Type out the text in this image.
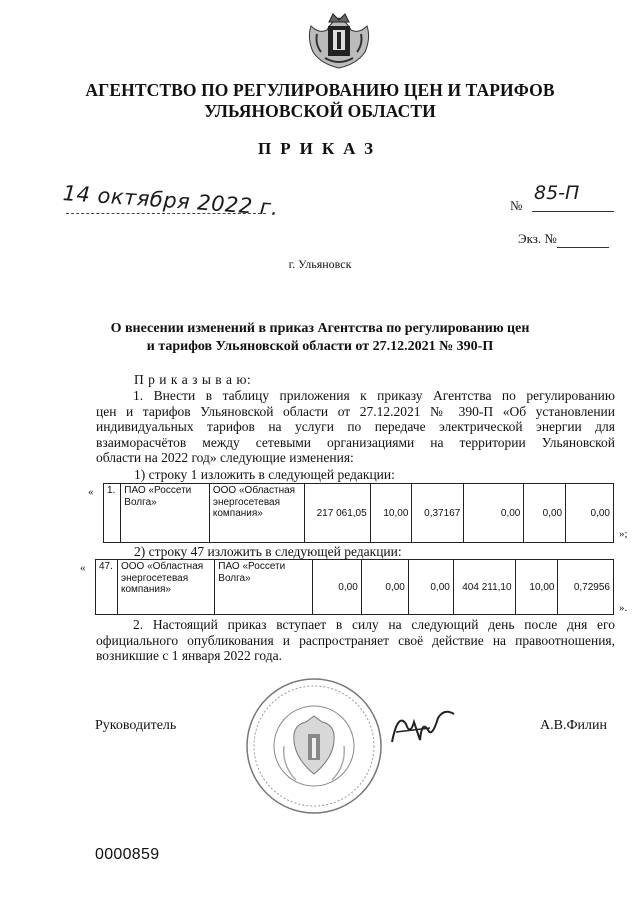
АГЕНТСТВО ПО РЕГУЛИРОВАНИЮ ЦЕН И ТАРИФОВ
УЛЬЯНОВСКОЙ ОБЛАСТИ
ПРИКАЗ
14 октября 2022 г.	№
85-П
Экз. №
г. Ульяновск
О внесении изменений в приказ Агентства по регулированию цен
и тарифов Ульяновской области от 27.12.2021 № 390-П
П р и к а з ы в а ю:
1. Внести в таблицу приложения к приказу Агентства по регулированию
цен и тарифов Ульяновской области от 27.12.2021 № 390-П «Об установлении
индивидуальных тарифов на услуги по передаче электрической энергии для
взаиморасчётов между сетевыми организациями на территории Ульяновской
области на 2022 год» следующие изменения:
1) строку 1 изложить в следующей редакции:
« 1.	ПАО «Россети Волга»	ООО «Областная энергосетевая компания»	217 061,05	10,00	0,37167	0,00	0,00	0,00
»;
2) строку 47 изложить в следующей редакции:
« 47.	ООО «Областная энергосетевая компания»	ПАО «Россети Волга»	0,00	0,00	0,00	404 211,10	10,00	0,72956
».
2. Настоящий приказ вступает в силу на следующий день после дня его
официального опубликования и распространяет своё действие на правоотношения,
возникшие с 1 января 2022 года.
Руководитель	А.В.Филин
0000859
